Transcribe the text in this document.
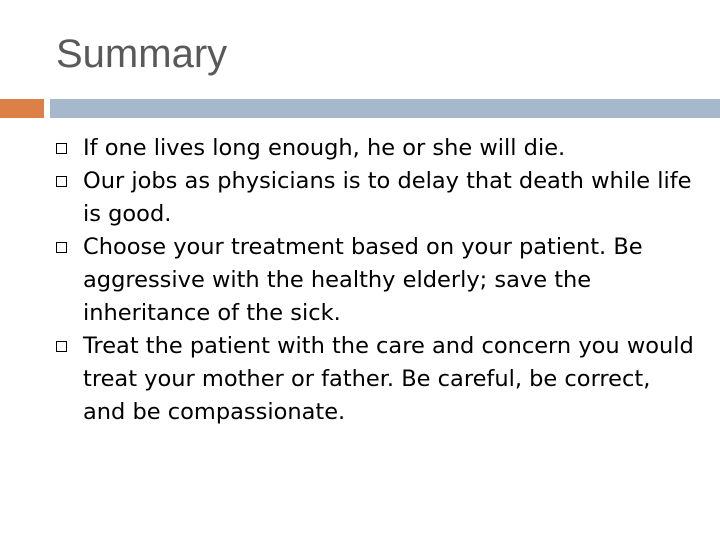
Summary
If one lives long enough, he or she will die.
Our jobs as physicians is to delay that death while life is good.
Choose your treatment based on your patient. Be aggressive with the healthy elderly; save the inheritance of the sick.
Treat the patient with the care and concern you would treat your mother or father. Be careful, be correct, and be compassionate.
